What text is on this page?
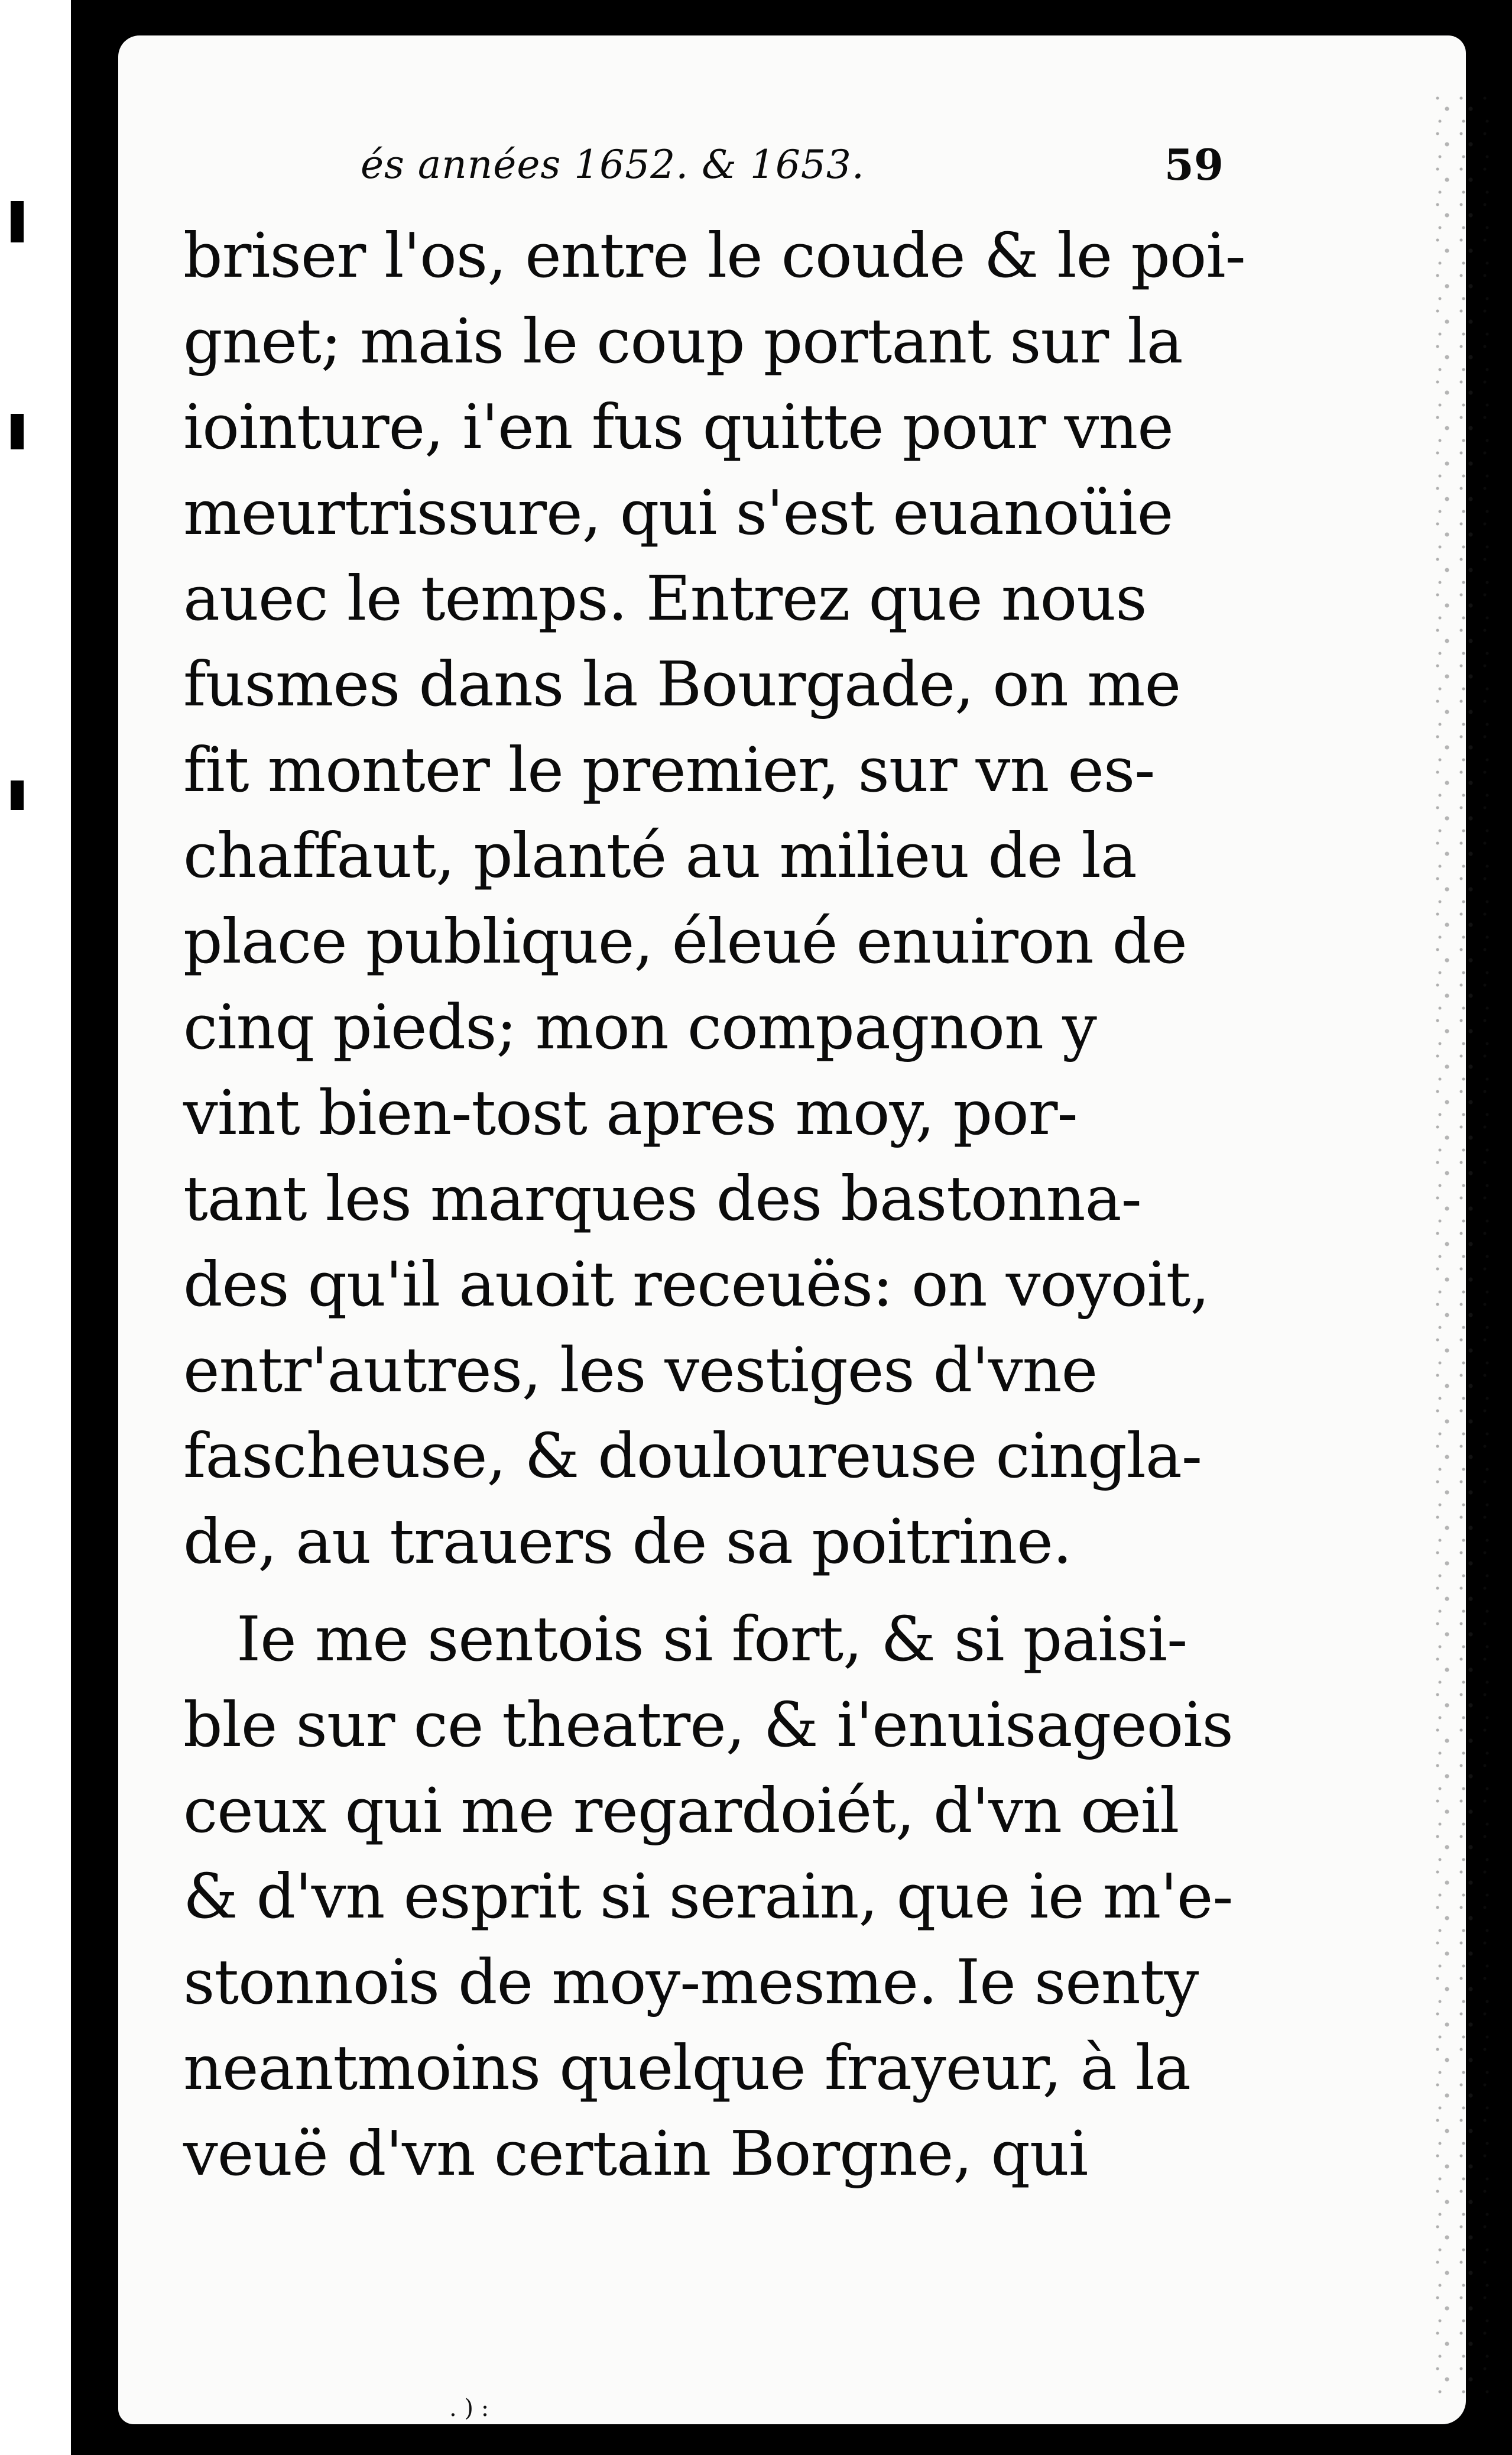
és années 1652. & 1653.	59
briser l'os, entre le coude & le poi-
gnet; mais le coup portant sur la
iointure, i'en fus quitte pour vne
meurtrissure, qui s'est euanoüie
auec le temps. Entrez que nous
fusmes dans la Bourgade, on me
fit monter le premier, sur vn es-
chaffaut, planté au milieu de la
place publique, éleué enuiron de
cinq pieds; mon compagnon y
vint bien-tost apres moy, por-
tant les marques des bastonna-
des qu'il auoit receuës: on voyoit,
entr'autres, les vestiges d'vne
fascheuse, & douloureuse cingla-
de, au trauers de sa poitrine.
Ie me sentois si fort, & si paisi-
ble sur ce theatre, & i'enuisageois
ceux qui me regardoiét, d'vn œil
& d'vn esprit si serain, que ie m'e-
stonnois de moy-mesme. Ie senty
neantmoins quelque frayeur, à la
veuë d'vn certain Borgne, qui
. ) :
